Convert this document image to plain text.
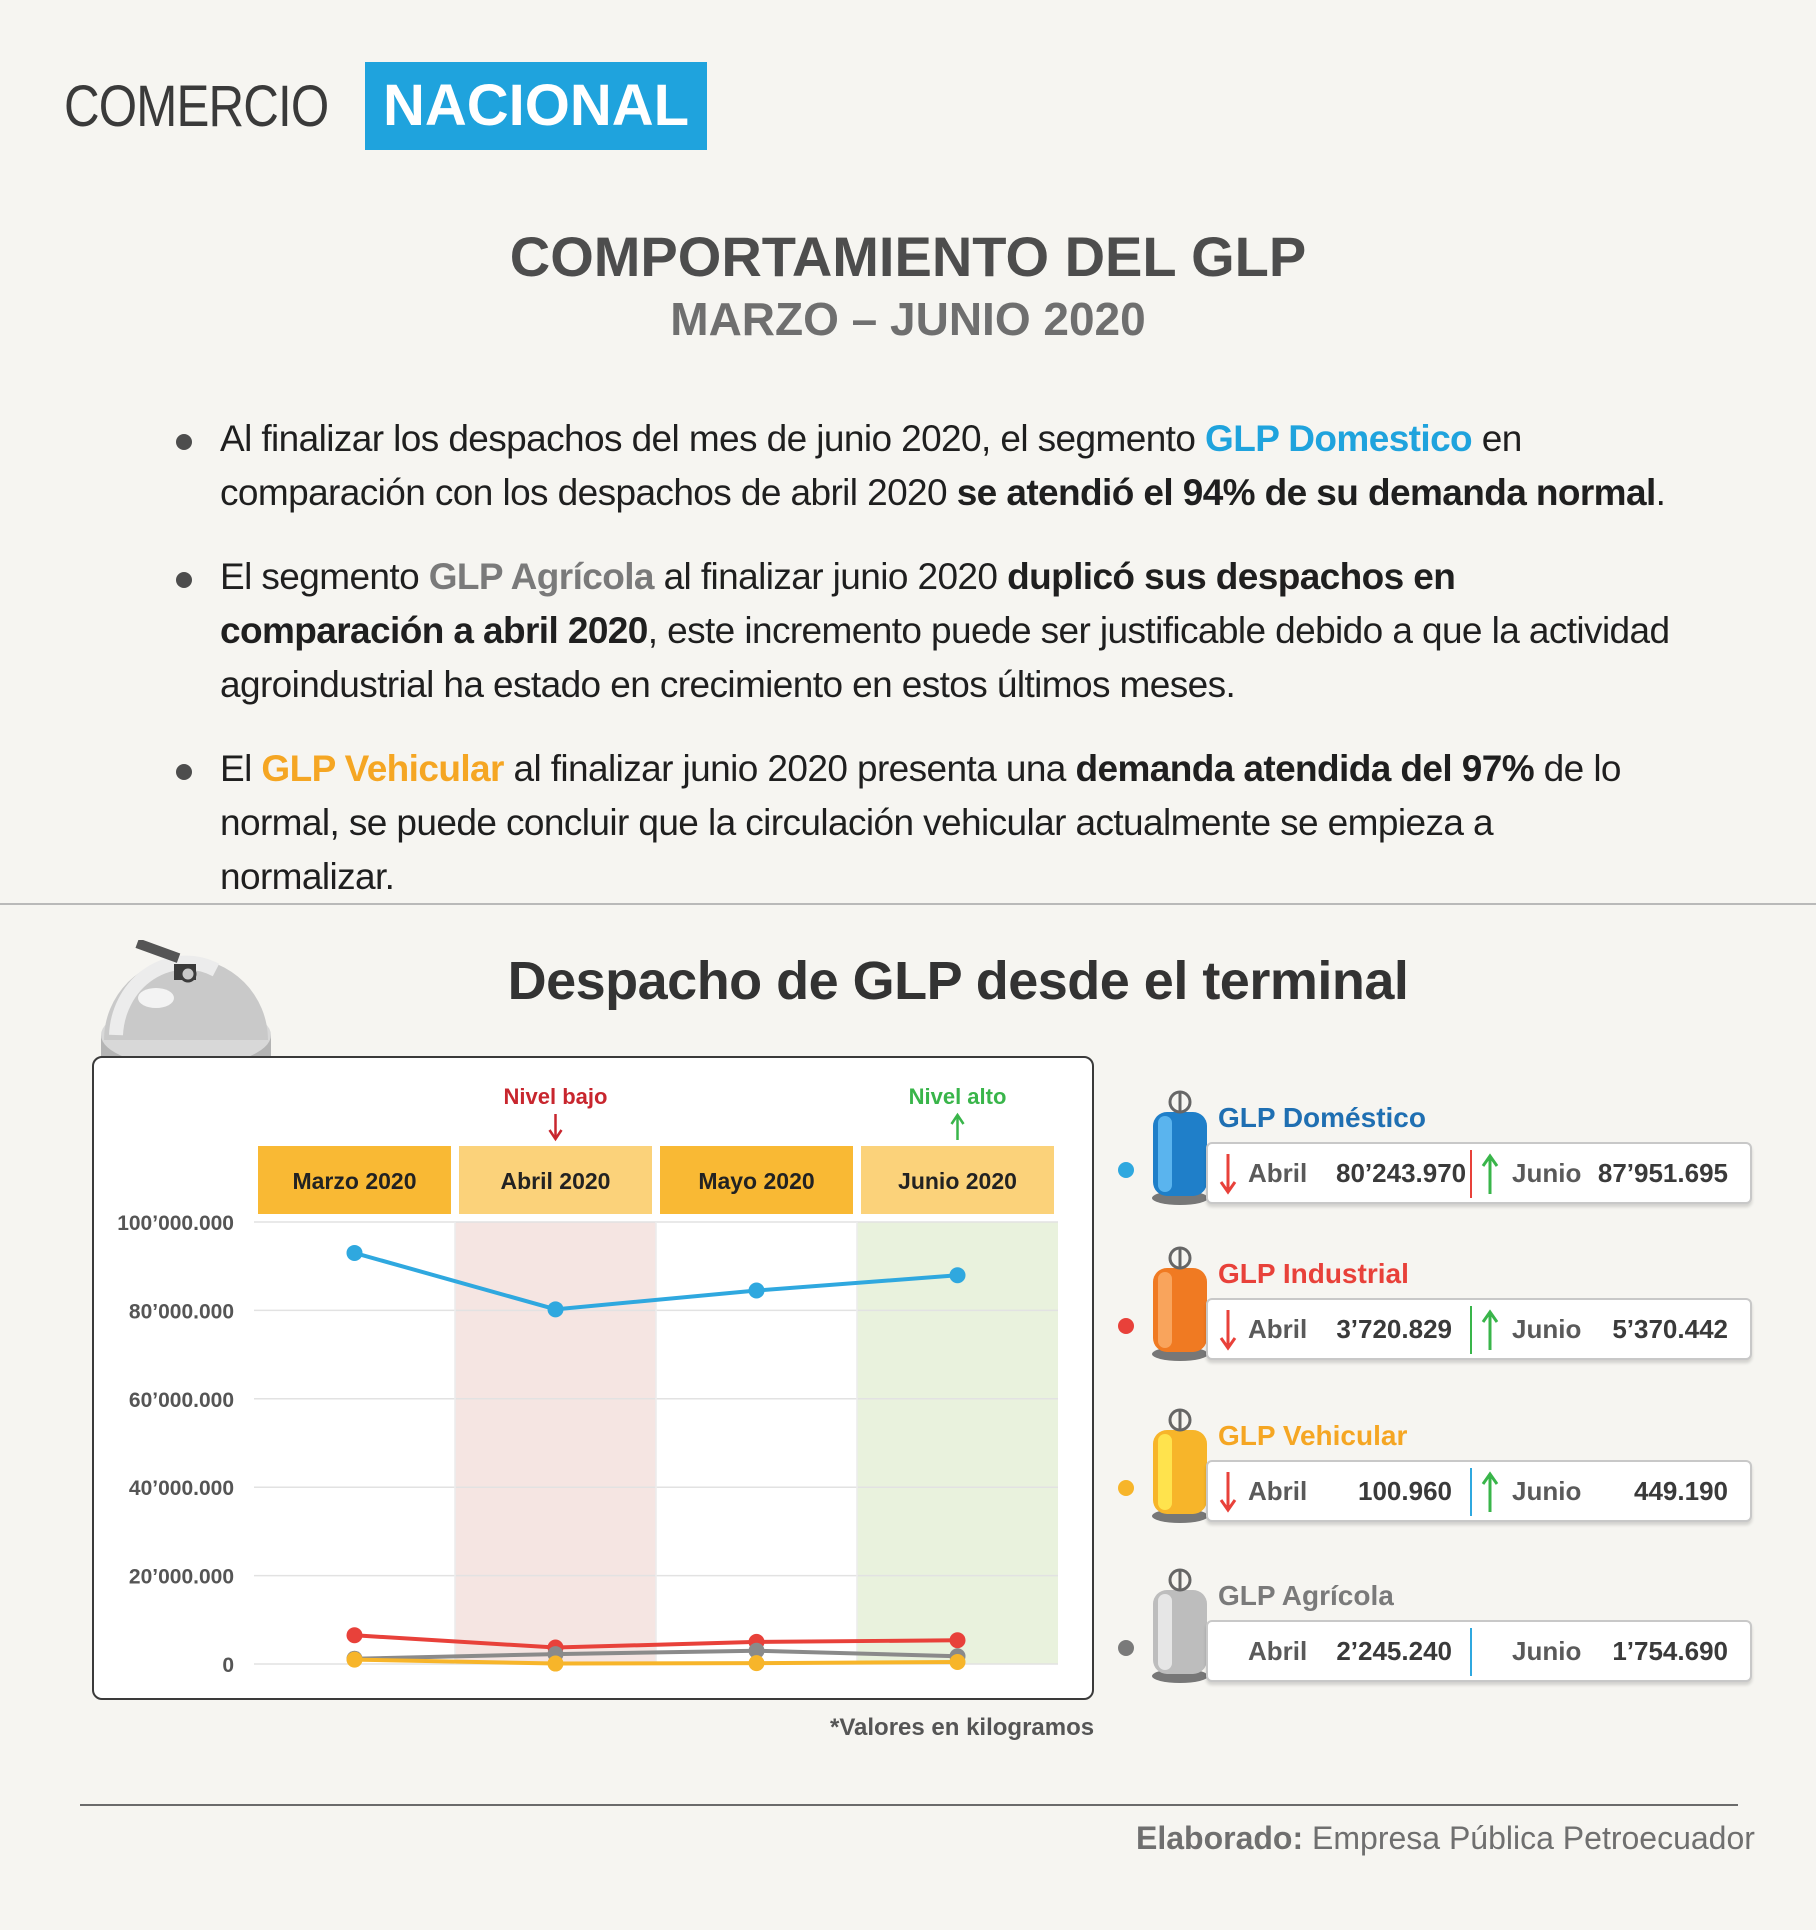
COMERCIO NACIONAL
COMPORTAMIENTO DEL GLP
MARZO – JUNIO 2020
Al finalizar los despachos del mes de junio 2020, el segmento GLP Domestico en comparación con los despachos de abril 2020 se atendió el 94% de su demanda normal.
El segmento GLP Agrícola al finalizar junio 2020 duplicó sus despachos en comparación a abril 2020, este incremento puede ser justificable debido a que la actividad agroindustrial ha estado en crecimiento en estos últimos meses.
El GLP Vehicular al finalizar junio 2020 presenta una demanda atendida del 97% de lo normal, se puede concluir que la circulación vehicular actualmente se empieza a normalizar.
Despacho de GLP desde el terminal
100’000.000
80’000.000
60’000.000
40’000.000
20’000.000
0
Marzo 2020	Abril 2020	Mayo 2020	Junio 2020
Nivel bajo	Nivel alto
*Valores en kilogramos
GLP Doméstico
Abril 80’243.970 Junio 87’951.695
GLP Industrial
Abril 3’720.829 Junio	5’370.442
GLP Vehicular
Abril	100.960 Junio	449.190
GLP Agrícola
Abril 2’245.240 Junio	1’754.690
Elaborado: Empresa Pública Petroecuador
